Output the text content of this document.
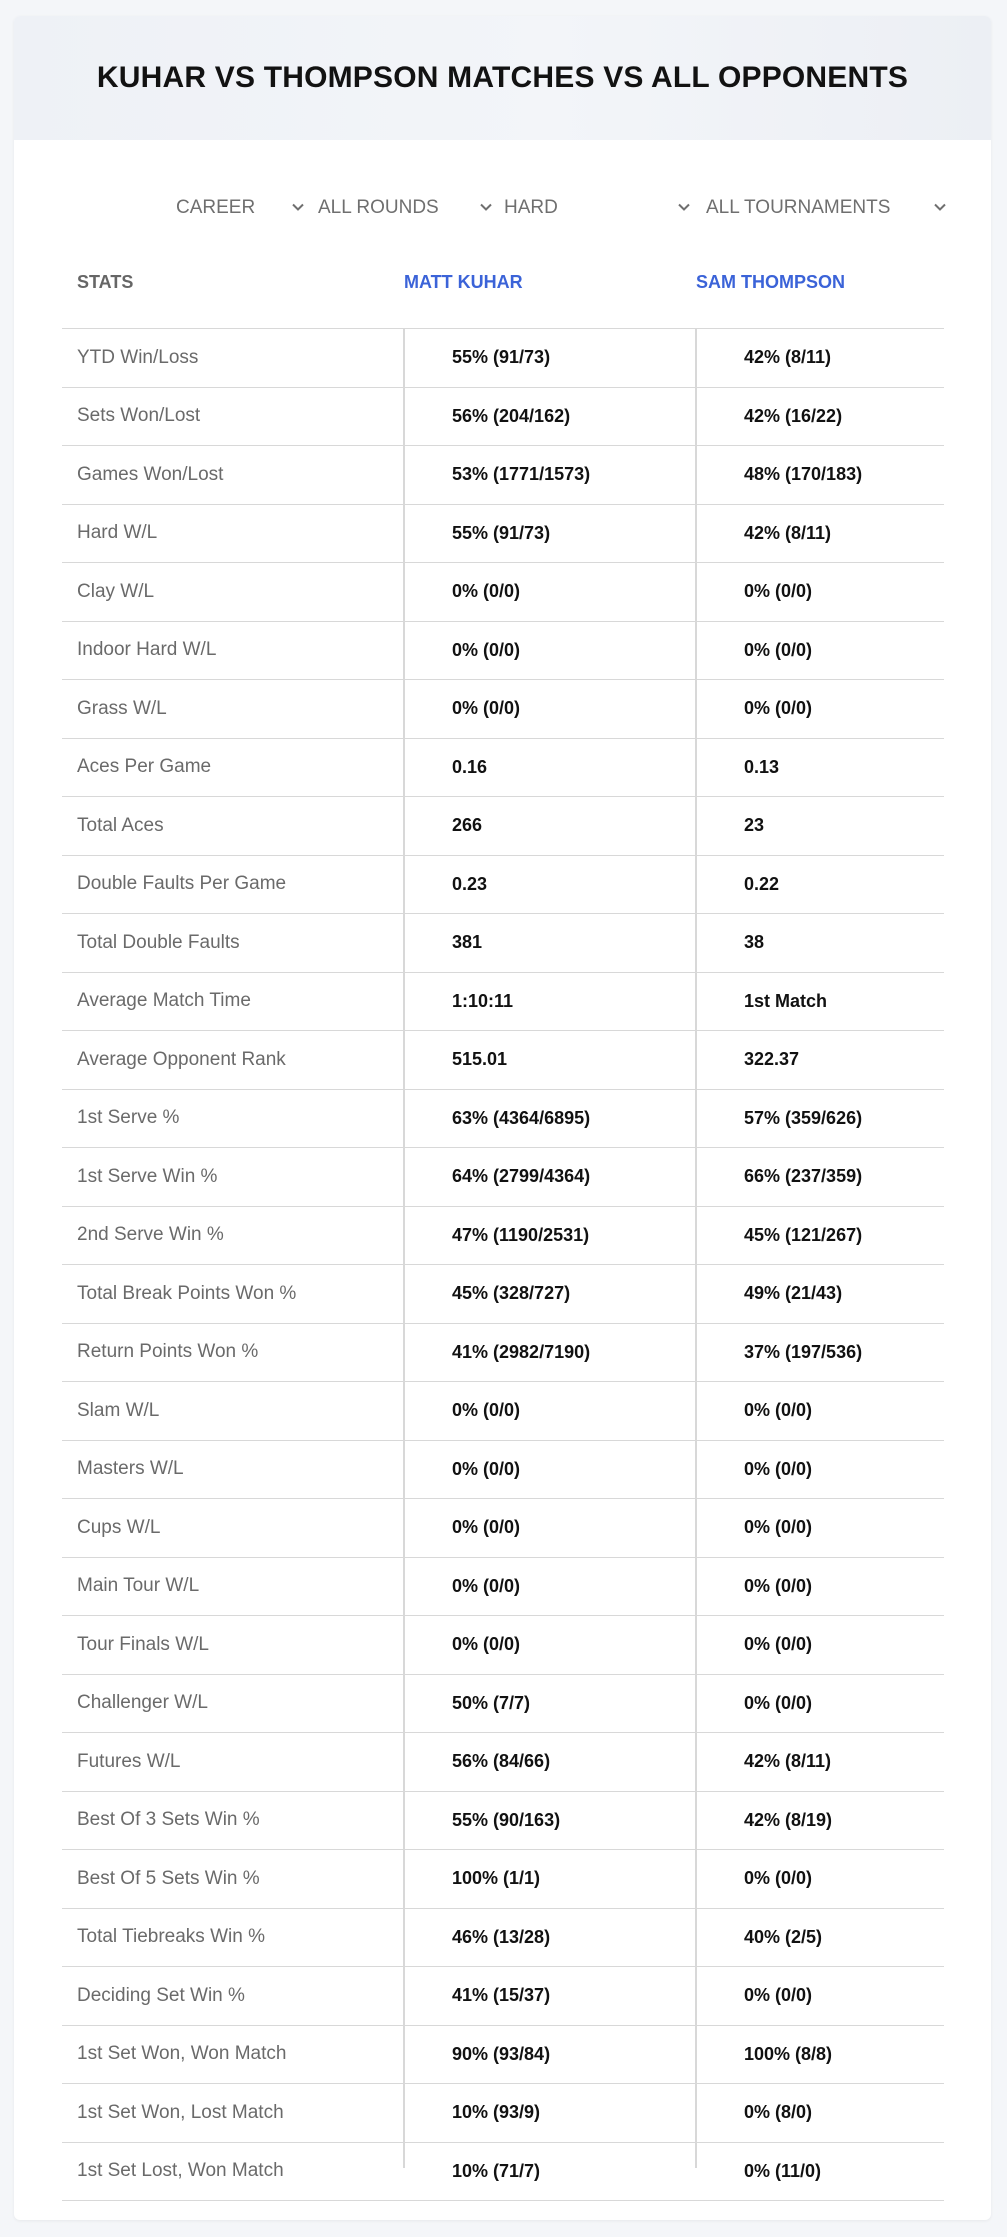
KUHAR VS THOMPSON MATCHES VS ALL OPPONENTS
CAREER	ALL ROUNDS	HARD	ALL TOURNAMENTS
STATS	MATT KUHAR	SAM THOMPSON
YTD Win/Loss	55% (91/73)	42% (8/11)
Sets Won/Lost	56% (204/162)	42% (16/22)
Games Won/Lost	53% (1771/1573)	48% (170/183)
Hard W/L	55% (91/73)	42% (8/11)
Clay W/L	0% (0/0)	0% (0/0)
Indoor Hard W/L	0% (0/0)	0% (0/0)
Grass W/L	0% (0/0)	0% (0/0)
Aces Per Game	0.16	0.13
Total Aces	266	23
Double Faults Per Game	0.23	0.22
Total Double Faults	381	38
Average Match Time	1:10:11	1st Match
Average Opponent Rank	515.01	322.37
1st Serve %	63% (4364/6895)	57% (359/626)
1st Serve Win %	64% (2799/4364)	66% (237/359)
2nd Serve Win %	47% (1190/2531)	45% (121/267)
Total Break Points Won %	45% (328/727)	49% (21/43)
Return Points Won %	41% (2982/7190)	37% (197/536)
Slam W/L	0% (0/0)	0% (0/0)
Masters W/L	0% (0/0)	0% (0/0)
Cups W/L	0% (0/0)	0% (0/0)
Main Tour W/L	0% (0/0)	0% (0/0)
Tour Finals W/L	0% (0/0)	0% (0/0)
Challenger W/L	50% (7/7)	0% (0/0)
Futures W/L	56% (84/66)	42% (8/11)
Best Of 3 Sets Win %	55% (90/163)	42% (8/19)
Best Of 5 Sets Win %	100% (1/1)	0% (0/0)
Total Tiebreaks Win %	46% (13/28)	40% (2/5)
Deciding Set Win %	41% (15/37)	0% (0/0)
1st Set Won, Won Match	90% (93/84)	100% (8/8)
1st Set Won, Lost Match	10% (93/9)	0% (8/0)
1st Set Lost, Won Match	10% (71/7)	0% (11/0)
